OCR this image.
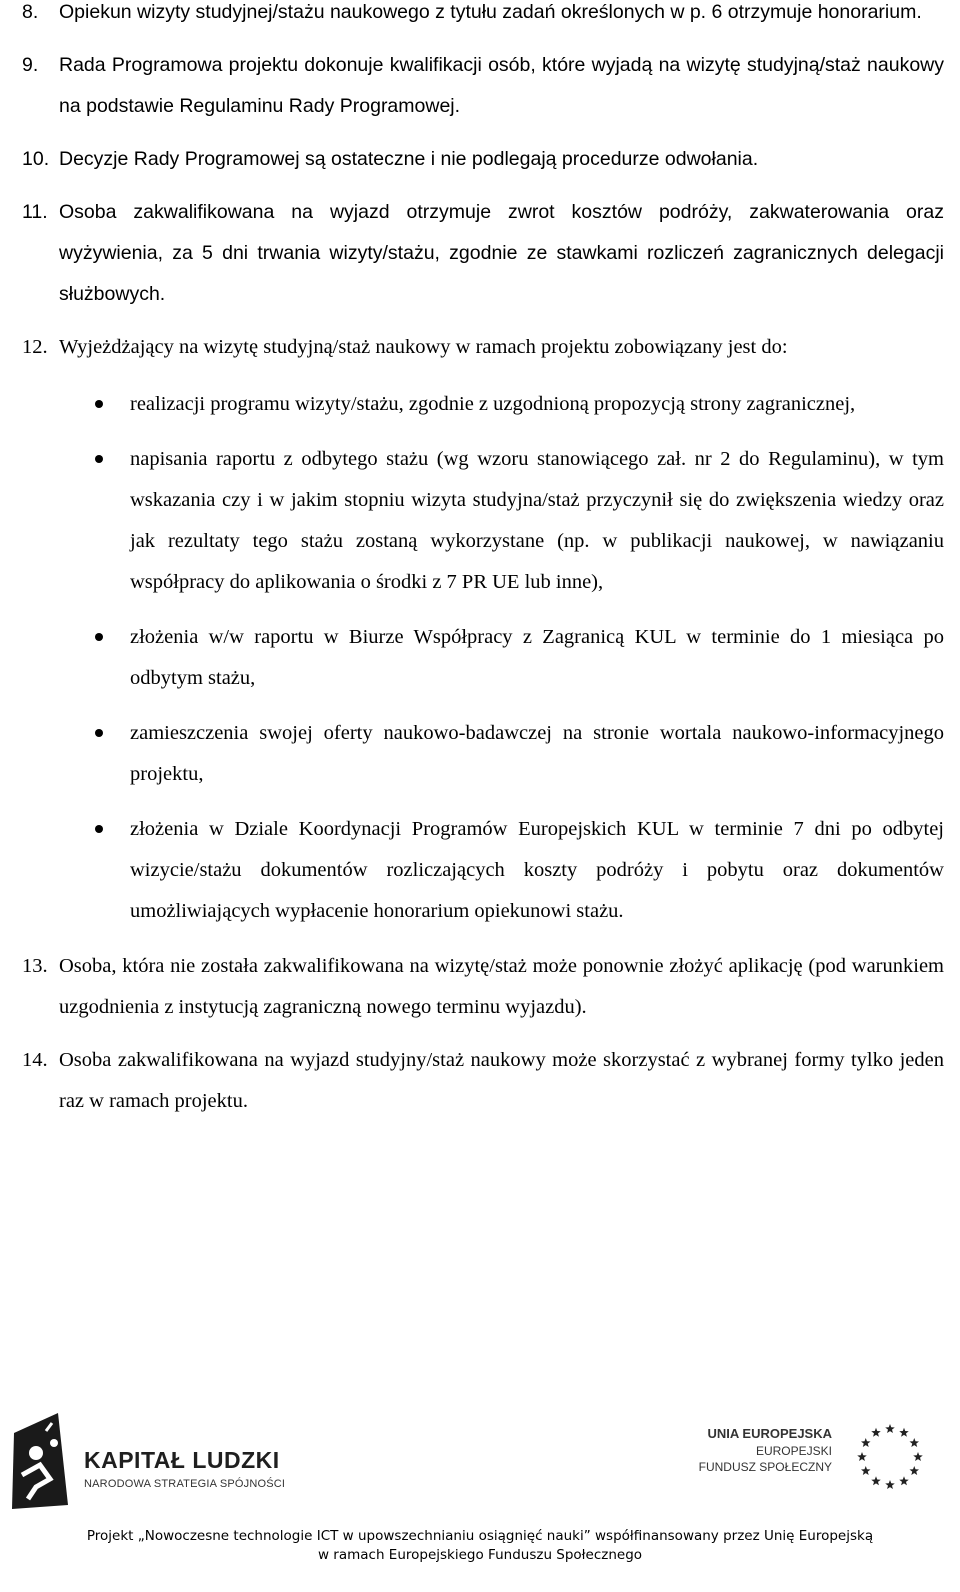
8.	Opiekun wizyty studyjnej/stażu naukowego z tytułu zadań określonych w p. 6 otrzymuje honorarium.
9.	Rada Programowa projektu dokonuje kwalifikacji osób, które wyjadą na wizytę studyjną/staż naukowy na podstawie Regulaminu Rady Programowej.
10. Decyzje Rady Programowej są ostateczne i nie podlegają procedurze odwołania.
11. Osoba zakwalifikowana na wyjazd otrzymuje zwrot kosztów podróży, zakwaterowania oraz wyżywienia, za 5 dni trwania wizyty/stażu, zgodnie ze stawkami rozliczeń zagranicznych delegacji służbowych.
12. Wyjeżdżający na wizytę studyjną/staż naukowy w ramach projektu zobowiązany jest do:
realizacji programu wizyty/stażu, zgodnie z uzgodnioną propozycją strony zagranicznej,
napisania raportu z odbytego stażu (wg wzoru stanowiącego zał. nr 2 do Regulaminu), w tym wskazania czy i w jakim stopniu wizyta studyjna/staż przyczynił się do zwiększenia wiedzy oraz jak rezultaty tego stażu zostaną wykorzystane (np. w publikacji naukowej, w nawiązaniu współpracy do aplikowania o środki z 7 PR UE lub inne),
złożenia w/w raportu w Biurze Współpracy z Zagranicą KUL w terminie do 1 miesiąca po odbytym stażu,
zamieszczenia swojej oferty naukowo-badawczej na stronie wortala naukowo-informacyjnego projektu,
złożenia w Dziale Koordynacji Programów Europejskich KUL w terminie 7 dni po odbytej wizycie/stażu dokumentów rozliczających koszty podróży i pobytu oraz dokumentów umożliwiających wypłacenie honorarium opiekunowi stażu.
13. Osoba, która nie została zakwalifikowana na wizytę/staż może ponownie złożyć aplikację (pod warunkiem uzgodnienia z instytucją zagraniczną nowego terminu wyjazdu).
14. Osoba zakwalifikowana na wyjazd studyjny/staż naukowy może skorzystać z wybranej formy tylko jeden raz w ramach projektu.
KAPITAŁ LUDZKI
NARODOWA STRATEGIA SPÓJNOŚCI
UNIA EUROPEJSKA
EUROPEJSKI
FUNDUSZ SPOŁECZNY
Projekt „Nowoczesne technologie ICT w upowszechnianiu osiągnięć nauki” współfinansowany przez Unię Europejską
w ramach Europejskiego Funduszu Społecznego
